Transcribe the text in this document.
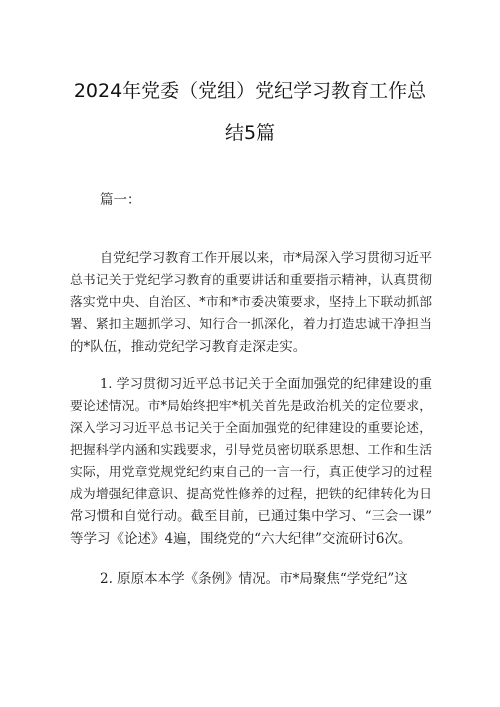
2024年党委（党组）党纪学习教育工作总
结5篇
篇一：
自党纪学习教育工作开展以来，市*局深入学习贯彻习近平
总书记关于党纪学习教育的重要讲话和重要指示精神，认真贯彻
落实党中央、自治区、*市和*市委决策要求，坚持上下联动抓部
署、紧扣主题抓学习、知行合一抓深化，着力打造忠诚干净担当
的*队伍，推动党纪学习教育走深走实。
1. 学习贯彻习近平总书记关于全面加强党的纪律建设的重
要论述情况。市*局始终把牢*机关首先是政治机关的定位要求，
深入学习习近平总书记关于全面加强党的纪律建设的重要论述，
把握科学内涵和实践要求，引导党员密切联系思想、工作和生活
实际，用党章党规党纪约束自己的一言一行，真正使学习的过程
成为增强纪律意识、提高党性修养的过程，把铁的纪律转化为日
常习惯和自觉行动。截至目前，已通过集中学习、“三会一课”
等学习《论述》4遍，围绕党的“六大纪律”交流研讨6次。
2. 原原本本学《条例》情况。市*局聚焦“学党纪”这
